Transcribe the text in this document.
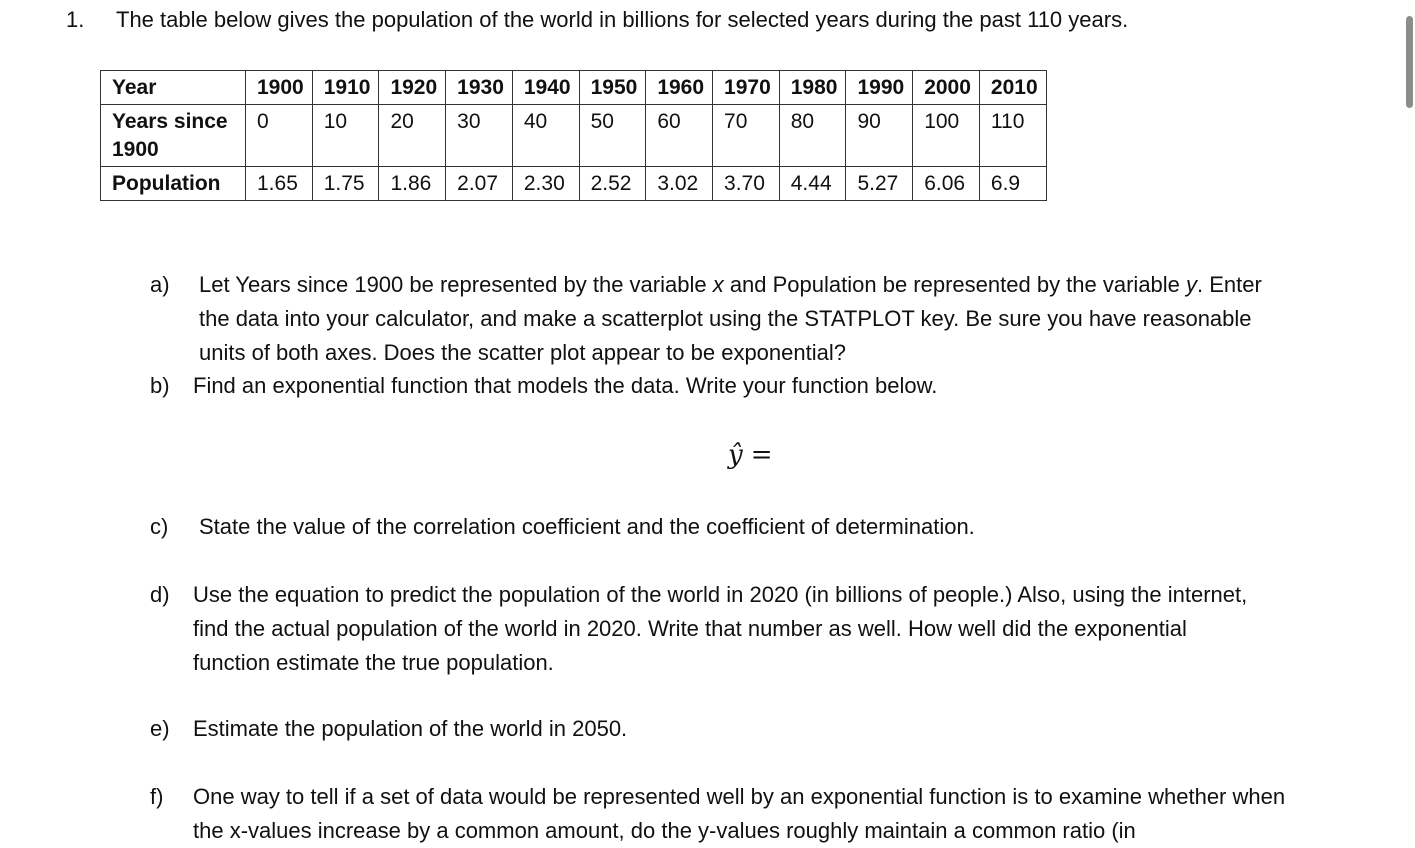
1. The table below gives the population of the world in billions for selected years during the past 110 years.
Year	1900	1910	1920	1930	1940	1950	1960	1970	1980	1990	2000	2010
Years since 1900	0	10	20	30	40	50	60	70	80	90	100	110
Population	1.65	1.75	1.86	2.07	2.30	2.52	3.02	3.70	4.44	5.27	6.06	6.9
a) Let Years since 1900 be represented by the variable x and Population be represented by the variable y. Enter the data into your calculator, and make a scatterplot using the STATPLOT key. Be sure you have reasonable units of both axes. Does the scatter plot appear to be exponential?
b) Find an exponential function that models the data. Write your function below.
c) State the value of the correlation coefficient and the coefficient of determination.
d) Use the equation to predict the population of the world in 2020 (in billions of people.) Also, using the internet, find the actual population of the world in 2020. Write that number as well. How well did the exponential function estimate the true population.
e) Estimate the population of the world in 2050.
f) One way to tell if a set of data would be represented well by an exponential function is to examine whether when the x-values increase by a common amount, do the y-values roughly maintain a common ratio (in
ŷ =
